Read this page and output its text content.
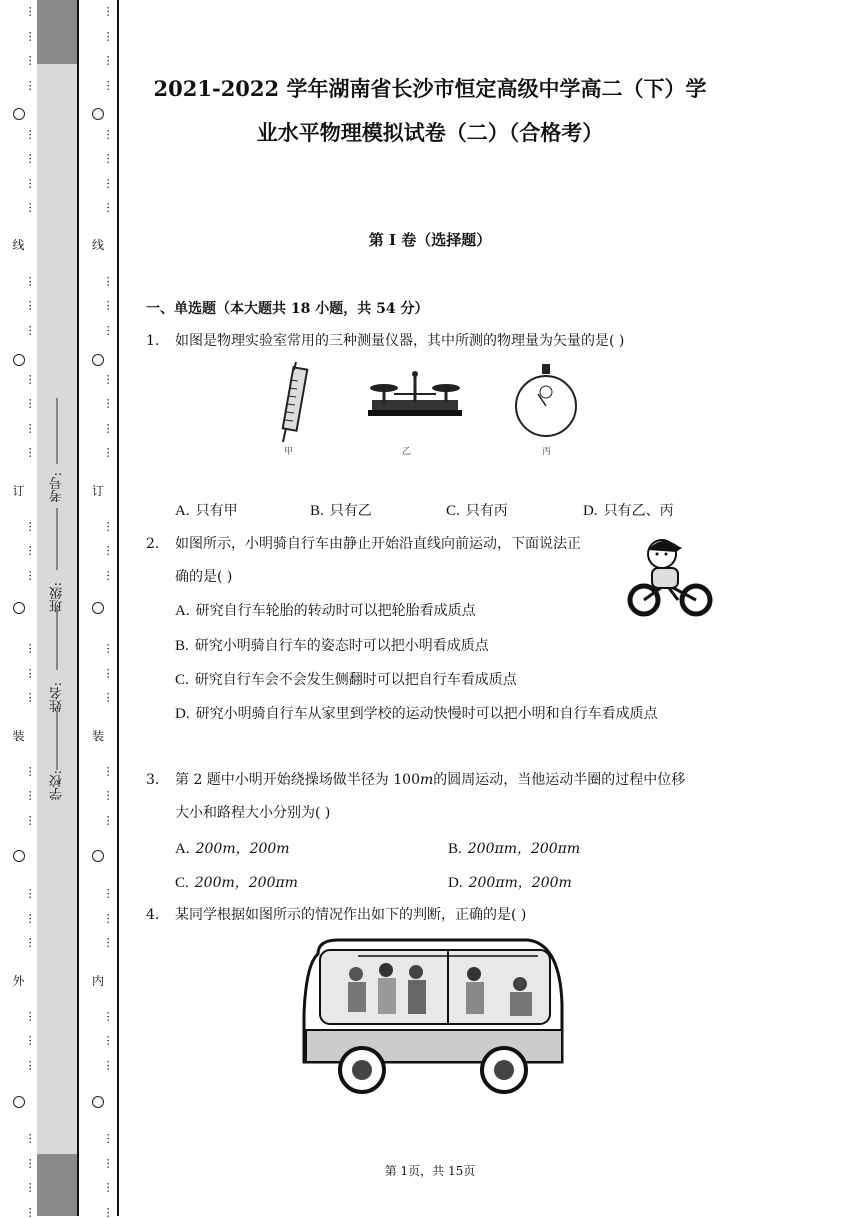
线
订
装
外
学校:
姓名:
班级:
考号:
线
订
装
内
⋯
⋯
⋯
⋯
⋯
⋯
⋯
⋯
⋯
⋯
⋯
⋯
⋯
⋯
⋯
⋯
⋯
⋯
⋯
⋯
⋯
⋯
⋯
⋯
⋯
⋯
⋯
⋯
⋯
⋯
⋯
⋯
⋯
⋯
⋯
⋯
⋯
⋯
⋯
⋯
⋯
⋯
⋯
⋯
⋯
⋯
⋯
⋯
⋯
⋯
⋯
⋯
⋯
⋯
⋯
⋯
⋯
⋯
⋯
⋯
⋯
⋯
⋯
⋯
⋯
⋯
⋯
⋯
2021-2022 学年湖南省长沙市恒定高级中学高二（下）学
业水平物理模拟试卷（二）（合格考）
第 I 卷（选择题）
一、单选题（本大题共 18 小题，共 54 分）
1. 如图是物理实验室常用的三种测量仪器，其中所测的物理量为矢量的是( )
甲	乙	丙
A. 只有甲	B. 只有乙	C. 只有丙	D. 只有乙、丙
2. 如图所示，小明骑自行车由静止开始沿直线向前运动，下面说法正
确的是( )
A. 研究自行车轮胎的转动时可以把轮胎看成质点
B. 研究小明骑自行车的姿态时可以把小明看成质点
C. 研究自行车会不会发生侧翻时可以把自行车看成质点
D. 研究小明骑自行车从家里到学校的运动快慢时可以把小明和自行车看成质点
3. 第 2 题中小明开始绕操场做半径为 100m的圆周运动，当他运动半圈的过程中位移
大小和路程大小分别为( )
A. 200m，200m	B. 200πm，200πm
C. 200m，200πm	D. 200πm，200m
4. 某同学根据如图所示的情况作出如下的判断，正确的是( )
第 1页，共 15页
